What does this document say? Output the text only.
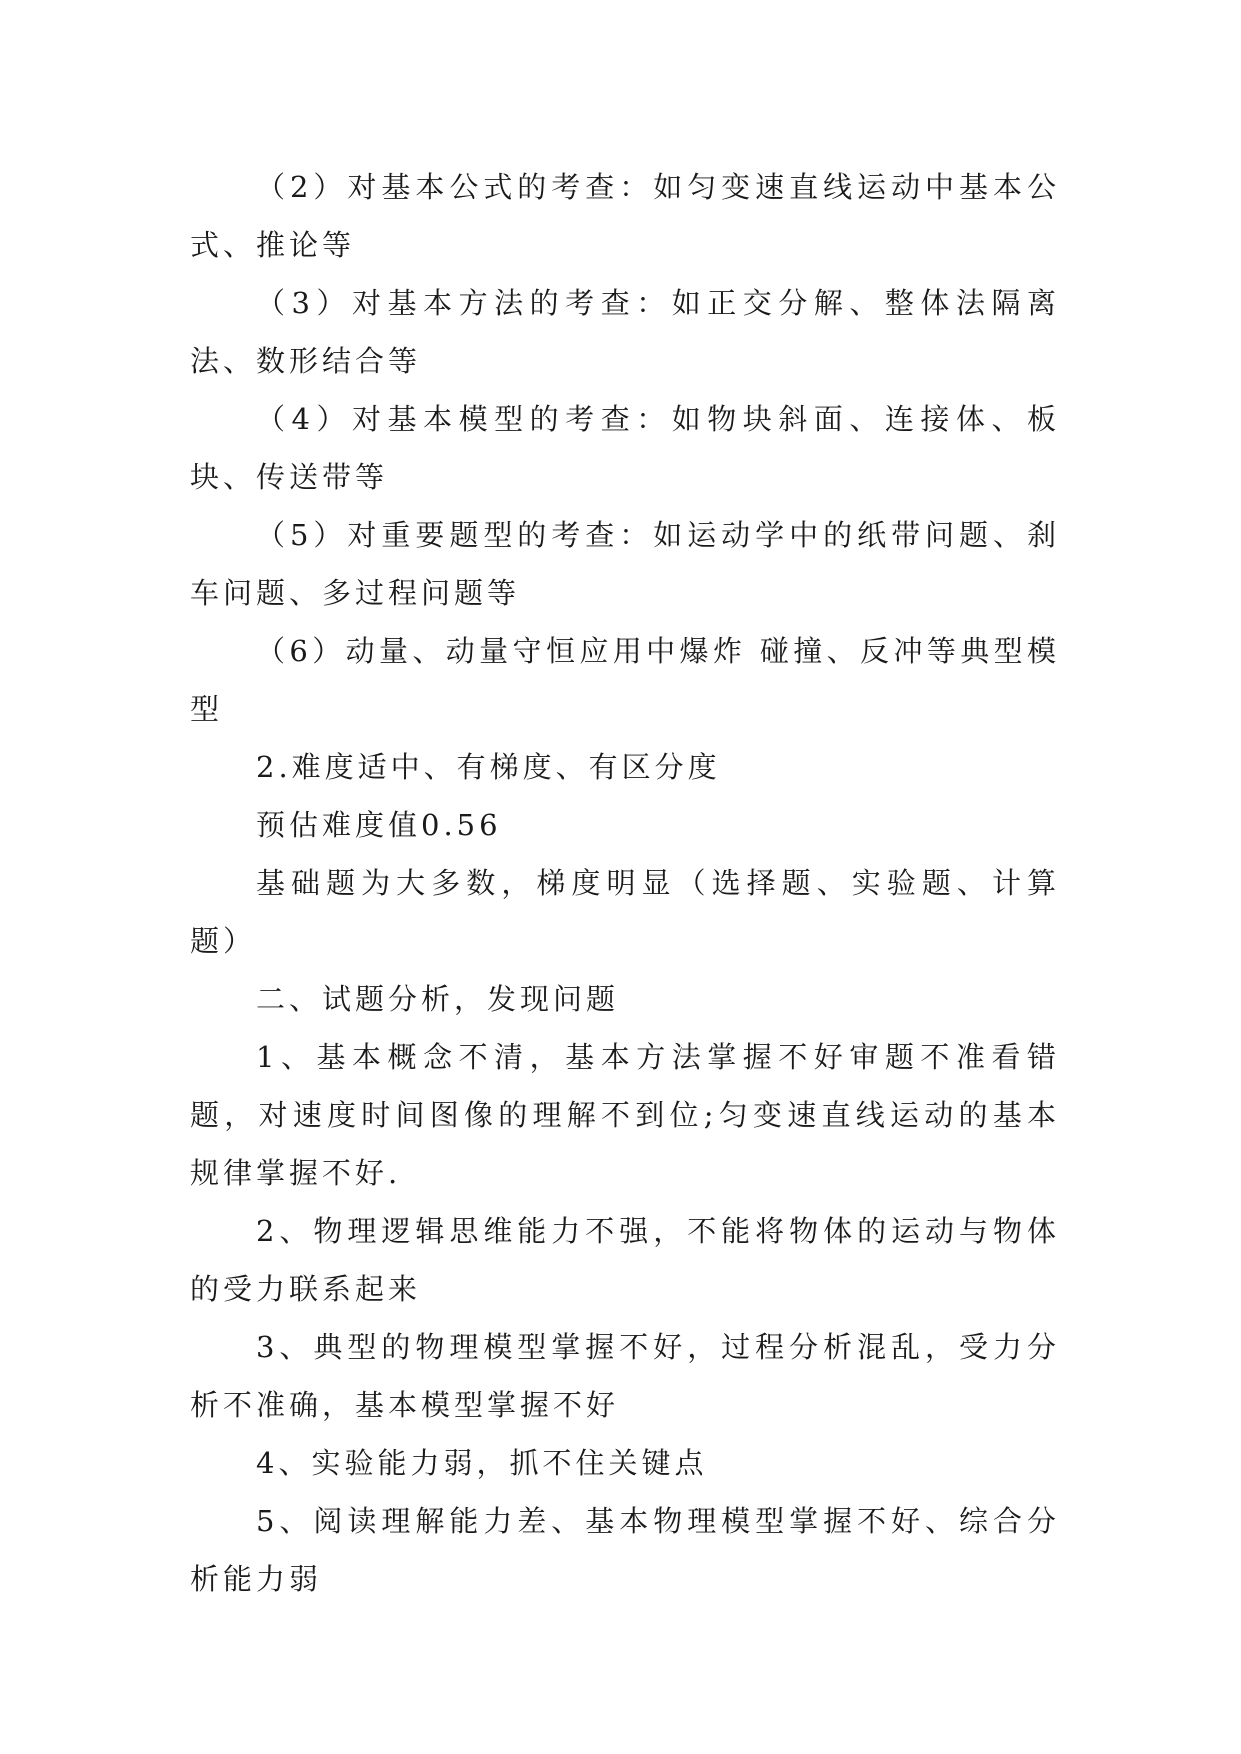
（2）对基本公式的考查：如匀变速直线运动中基本公式、推论等

（3）对基本方法的考查：如正交分解、整体法隔离法、数形结合等

（4）对基本模型的考查：如物块斜面、连接体、板块、传送带等

（5）对重要题型的考查：如运动学中的纸带问题、刹车问题、多过程问题等

（6）动量、动量守恒应用中爆炸 碰撞、反冲等典型模型

2.难度适中、有梯度、有区分度

预估难度值0.56

基础题为大多数，梯度明显（选择题、实验题、计算题）

二、试题分析，发现问题

1、基本概念不清，基本方法掌握不好审题不准看错题，对速度时间图像的理解不到位;匀变速直线运动的基本规律掌握不好.

2、物理逻辑思维能力不强，不能将物体的运动与物体的受力联系起来

3、典型的物理模型掌握不好，过程分析混乱，受力分析不准确，基本模型掌握不好

4、实验能力弱，抓不住关键点

5、阅读理解能力差、基本物理模型掌握不好、综合分析能力弱
